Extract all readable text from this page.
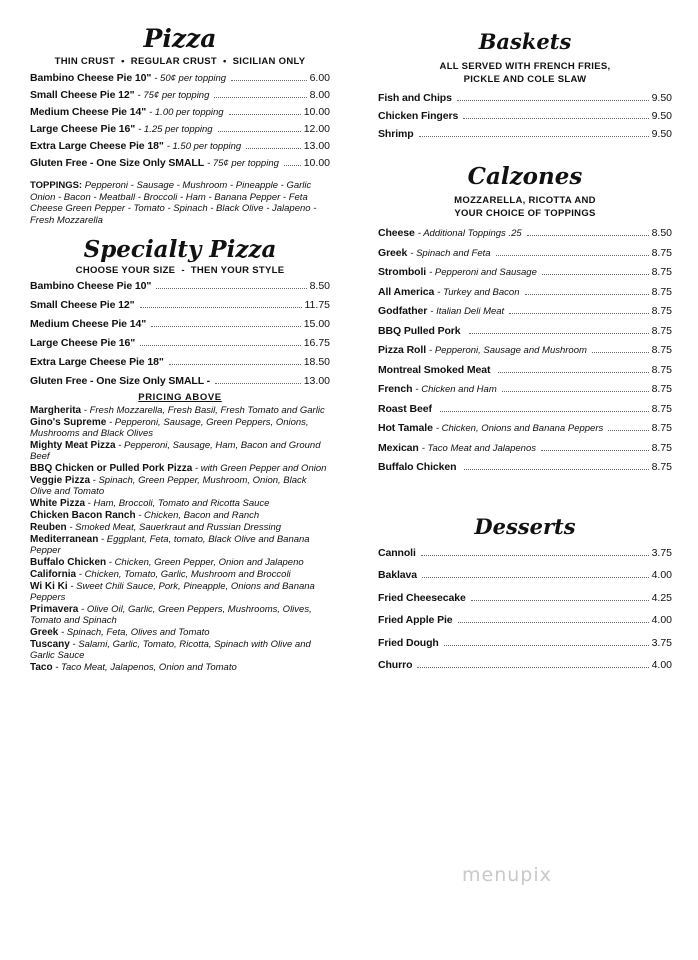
Pizza

THIN CRUST • REGULAR CRUST • SICILIAN ONLY

Bambino Cheese Pie 10" - 50¢ per topping	6.00
Small Cheese Pie 12" - 75¢ per topping	8.00
Medium Cheese Pie 14" - 1.00 per topping	10.00
Large Cheese Pie 16" - 1.25 per topping	12.00
Extra Large Cheese Pie 18" - 1.50 per topping	13.00
Gluten Free - One Size Only SMALL - 75¢ per topping 10.00

TOPPINGS: Pepperoni - Sausage - Mushroom - Pineapple - Garlic Onion - Bacon - Meatball - Broccoli - Ham - Banana Pepper - Feta Cheese Green Pepper - Tomato - Spinach - Black Olive - Jalapeno - Fresh Mozzarella

Specialty Pizza

CHOOSE YOUR SIZE - THEN YOUR STYLE

Bambino Cheese Pie 10"	8.50
Small Cheese Pie 12"	11.75
Medium Cheese Pie 14"	15.00
Large Cheese Pie 16"	16.75
Extra Large Cheese Pie 18"	18.50
Gluten Free - One Size Only SMALL -	13.00

PRICING ABOVE

Margherita - Fresh Mozzarella, Fresh Basil, Fresh Tomato and Garlic

Gino's Supreme - Pepperoni, Sausage, Green Peppers, Onions, Mushrooms and Black Olives

Mighty Meat Pizza - Pepperoni, Sausage, Ham, Bacon and Ground Beef

BBQ Chicken or Pulled Pork Pizza - with Green Pepper and Onion

Veggie Pizza - Spinach, Green Pepper, Mushroom, Onion, Black Olive and Tomato

White Pizza - Ham, Broccoli, Tomato and Ricotta Sauce

Chicken Bacon Ranch - Chicken, Bacon and Ranch

Reuben - Smoked Meat, Sauerkraut and Russian Dressing

Mediterranean - Eggplant, Feta, tomato, Black Olive and Banana Pepper

Buffalo Chicken - Chicken, Green Pepper, Onion and Jalapeno

California - Chicken, Tomato, Garlic, Mushroom and Broccoli

Wi Ki Ki - Sweet Chili Sauce, Pork, Pineapple, Onions and Banana Peppers

Primavera - Olive Oil, Garlic, Green Peppers, Mushrooms, Olives, Tomato and Spinach

Greek - Spinach, Feta, Olives and Tomato

Tuscany - Salami, Garlic, Tomato, Ricotta, Spinach with Olive and Garlic Sauce

Taco - Taco Meat, Jalapenos, Onion and Tomato

Baskets

ALL SERVED WITH FRENCH FRIES,
PICKLE AND COLE SLAW

Fish and Chips	9.50
Chicken Fingers	9.50
Shrimp	9.50
Calzones

MOZZARELLA, RICOTTA AND
YOUR CHOICE OF TOPPINGS

Cheese - Additional Toppings .25	8.50
Greek - Spinach and Feta	8.75
Stromboli - Pepperoni and Sausage	8.75
All America - Turkey and Bacon	8.75
Godfather - Italian Deli Meat	8.75
BBQ Pulled Pork	8.75
Pizza Roll - Pepperoni, Sausage and Mushroom	8.75
Montreal Smoked Meat	8.75
French - Chicken and Ham	8.75
Roast Beef	8.75
Hot Tamale - Chicken, Onions and Banana Peppers	8.75
Mexican - Taco Meat and Jalapenos	8.75
Buffalo Chicken	8.75
Desserts
Cannoli	3.75
Baklava	4.00
Fried Cheesecake	4.25
Fried Apple Pie	4.00
Fried Dough	3.75
Churro	4.00
menupix
